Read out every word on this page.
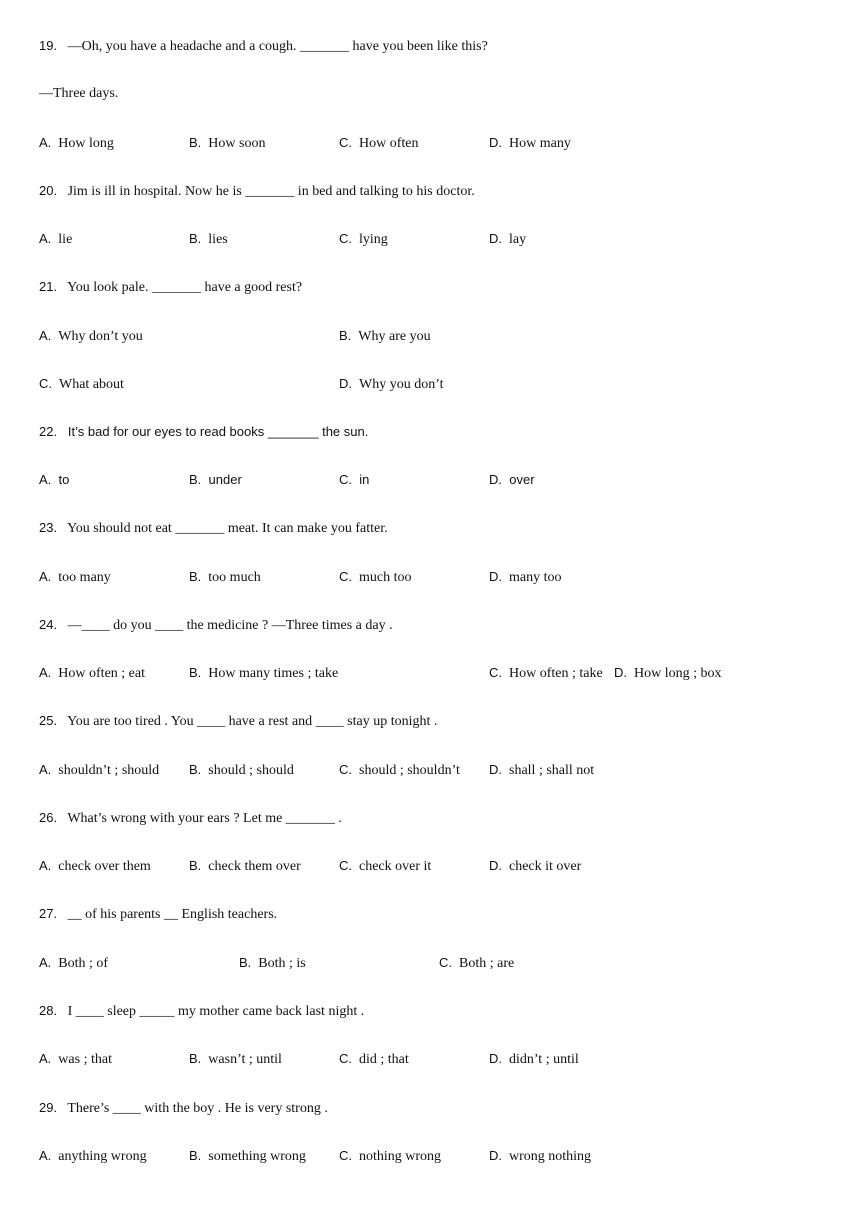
19. —Oh, you have a headache and a cough. _______ have you been like this?
—Three days.
A. How long	B. How soon	C. How often	D. How many
20. Jim is ill in hospital. Now he is _______ in bed and talking to his doctor.
A. lie	B. lies	C. lying	D. lay
21. You look pale. _______ have a good rest?
A. Why don’t you	B. Why are you
C. What about	D. Why you don’t
22. It’s bad for our eyes to read books _______ the sun.
A. to	B. under	C. in	D. over
23. You should not eat _______ meat. It can make you fatter.
A. too many	B. too much	C. much too	D. many too
24. —____ do you ____ the medicine ? —Three times a day .
A. How often ; eat	B. How many times ; take	C. How often ; take D. How long ; box
25. You are too tired . You ____ have a rest and ____ stay up tonight .
A. shouldn’t ; should B. should ; should	C. should ; shouldn’t D. shall ; shall not
26. What’s wrong with your ears ? Let me _______ .
A. check over them	B. check them over	C. check over it	D. check it over
27. __ of his parents __ English teachers.
A. Both ; of	B. Both ; is	C. Both ; are
28. I ____ sleep _____ my mother came back last night .
A. was ; that	B. wasn’t ; until	C. did ; that	D. didn’t ; until
29. There’s ____ with the boy . He is very strong .
A. anything wrong	B. something wrong	C. nothing wrong	D. wrong nothing
